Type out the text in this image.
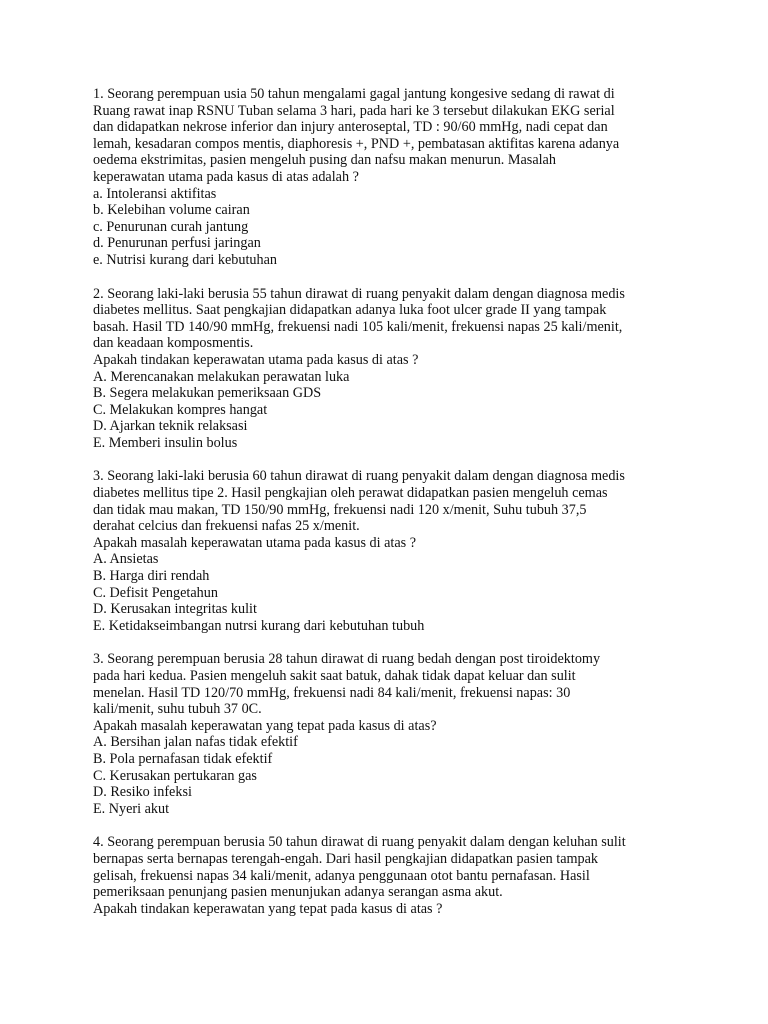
1. Seorang perempuan usia 50 tahun mengalami gagal jantung kongesive sedang di rawat di
Ruang rawat inap RSNU Tuban selama 3 hari, pada hari ke 3 tersebut dilakukan EKG serial
dan didapatkan nekrose inferior dan injury anteroseptal, TD : 90/60 mmHg, nadi cepat dan
lemah, kesadaran compos mentis, diaphoresis +, PND +, pembatasan aktifitas karena adanya
oedema ekstrimitas, pasien mengeluh pusing dan nafsu makan menurun. Masalah
keperawatan utama pada kasus di atas adalah ?

a. Intoleransi aktifitas
b. Kelebihan volume cairan
c. Penurunan curah jantung
d. Penurunan perfusi jaringan
e. Nutrisi kurang dari kebutuhan

2. Seorang laki-laki berusia 55 tahun dirawat di ruang penyakit dalam dengan diagnosa medis
diabetes mellitus. Saat pengkajian didapatkan adanya luka foot ulcer grade II yang tampak
basah. Hasil TD 140/90 mmHg, frekuensi nadi 105 kali/menit, frekuensi napas 25 kali/menit,
dan keadaan komposmentis.
Apakah tindakan keperawatan utama pada kasus di atas ?

A. Merencanakan melakukan perawatan luka
B. Segera melakukan pemeriksaan GDS
C. Melakukan kompres hangat
D. Ajarkan teknik relaksasi
E. Memberi insulin bolus

3. Seorang laki-laki berusia 60 tahun dirawat di ruang penyakit dalam dengan diagnosa medis
diabetes mellitus tipe 2. Hasil pengkajian oleh perawat didapatkan pasien mengeluh cemas
dan tidak mau makan, TD 150/90 mmHg, frekuensi nadi 120 x/menit, Suhu tubuh 37,5
derahat celcius dan frekuensi nafas 25 x/menit.
Apakah masalah keperawatan utama pada kasus di atas ?

A. Ansietas
B. Harga diri rendah
C. Defisit Pengetahun
D. Kerusakan integritas kulit
E. Ketidakseimbangan nutrsi kurang dari kebutuhan tubuh

3. Seorang perempuan berusia 28 tahun dirawat di ruang bedah dengan post tiroidektomy
pada hari kedua. Pasien mengeluh sakit saat batuk, dahak tidak dapat keluar dan sulit
menelan. Hasil TD 120/70 mmHg, frekuensi nadi 84 kali/menit, frekuensi napas: 30
kali/menit, suhu tubuh 37 0C.
Apakah masalah keperawatan yang tepat pada kasus di atas?

A. Bersihan jalan nafas tidak efektif
B. Pola pernafasan tidak efektif
C. Kerusakan pertukaran gas
D. Resiko infeksi
E. Nyeri akut

4. Seorang perempuan berusia 50 tahun dirawat di ruang penyakit dalam dengan keluhan sulit
bernapas serta bernapas terengah-engah. Dari hasil pengkajian didapatkan pasien tampak
gelisah, frekuensi napas 34 kali/menit, adanya penggunaan otot bantu pernafasan. Hasil
pemeriksaan penunjang pasien menunjukan adanya serangan asma akut.
Apakah tindakan keperawatan yang tepat pada kasus di atas ?
